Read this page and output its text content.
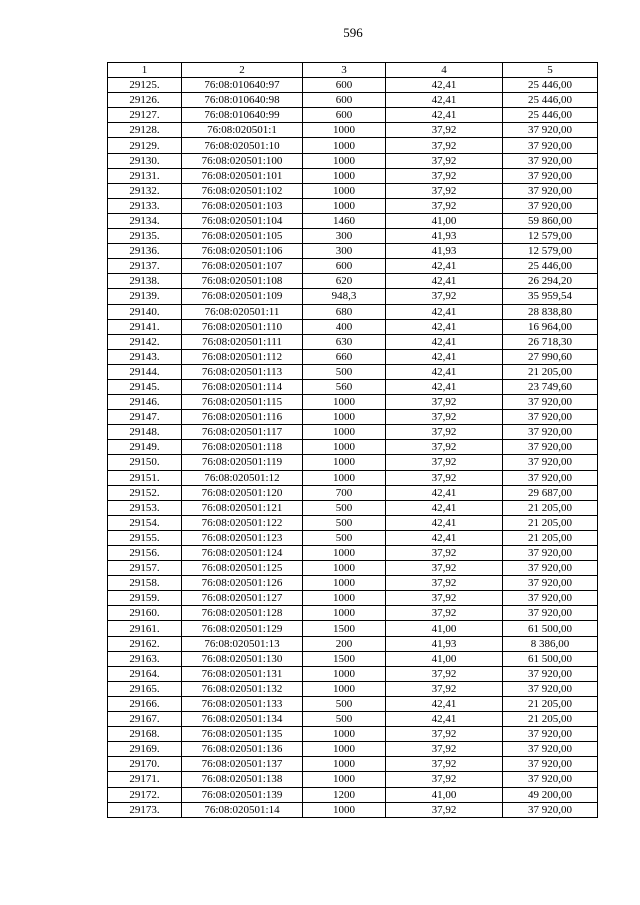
596
1	2	3	4	5
29125.	76:08:010640:97	600	42,41	25 446,00
29126.	76:08:010640:98	600	42,41	25 446,00
29127.	76:08:010640:99	600	42,41	25 446,00
29128.	76:08:020501:1	1000	37,92	37 920,00
29129.	76:08:020501:10	1000	37,92	37 920,00
29130.	76:08:020501:100	1000	37,92	37 920,00
29131.	76:08:020501:101	1000	37,92	37 920,00
29132.	76:08:020501:102	1000	37,92	37 920,00
29133.	76:08:020501:103	1000	37,92	37 920,00
29134.	76:08:020501:104	1460	41,00	59 860,00
29135.	76:08:020501:105	300	41,93	12 579,00
29136.	76:08:020501:106	300	41,93	12 579,00
29137.	76:08:020501:107	600	42,41	25 446,00
29138.	76:08:020501:108	620	42,41	26 294,20
29139.	76:08:020501:109	948,3	37,92	35 959,54
29140.	76:08:020501:11	680	42,41	28 838,80
29141.	76:08:020501:110	400	42,41	16 964,00
29142.	76:08:020501:111	630	42,41	26 718,30
29143.	76:08:020501:112	660	42,41	27 990,60
29144.	76:08:020501:113	500	42,41	21 205,00
29145.	76:08:020501:114	560	42,41	23 749,60
29146.	76:08:020501:115	1000	37,92	37 920,00
29147.	76:08:020501:116	1000	37,92	37 920,00
29148.	76:08:020501:117	1000	37,92	37 920,00
29149.	76:08:020501:118	1000	37,92	37 920,00
29150.	76:08:020501:119	1000	37,92	37 920,00
29151.	76:08:020501:12	1000	37,92	37 920,00
29152.	76:08:020501:120	700	42,41	29 687,00
29153.	76:08:020501:121	500	42,41	21 205,00
29154.	76:08:020501:122	500	42,41	21 205,00
29155.	76:08:020501:123	500	42,41	21 205,00
29156.	76:08:020501:124	1000	37,92	37 920,00
29157.	76:08:020501:125	1000	37,92	37 920,00
29158.	76:08:020501:126	1000	37,92	37 920,00
29159.	76:08:020501:127	1000	37,92	37 920,00
29160.	76:08:020501:128	1000	37,92	37 920,00
29161.	76:08:020501:129	1500	41,00	61 500,00
29162.	76:08:020501:13	200	41,93	8 386,00
29163.	76:08:020501:130	1500	41,00	61 500,00
29164.	76:08:020501:131	1000	37,92	37 920,00
29165.	76:08:020501:132	1000	37,92	37 920,00
29166.	76:08:020501:133	500	42,41	21 205,00
29167.	76:08:020501:134	500	42,41	21 205,00
29168.	76:08:020501:135	1000	37,92	37 920,00
29169.	76:08:020501:136	1000	37,92	37 920,00
29170.	76:08:020501:137	1000	37,92	37 920,00
29171.	76:08:020501:138	1000	37,92	37 920,00
29172.	76:08:020501:139	1200	41,00	49 200,00
29173.	76:08:020501:14	1000	37,92	37 920,00
